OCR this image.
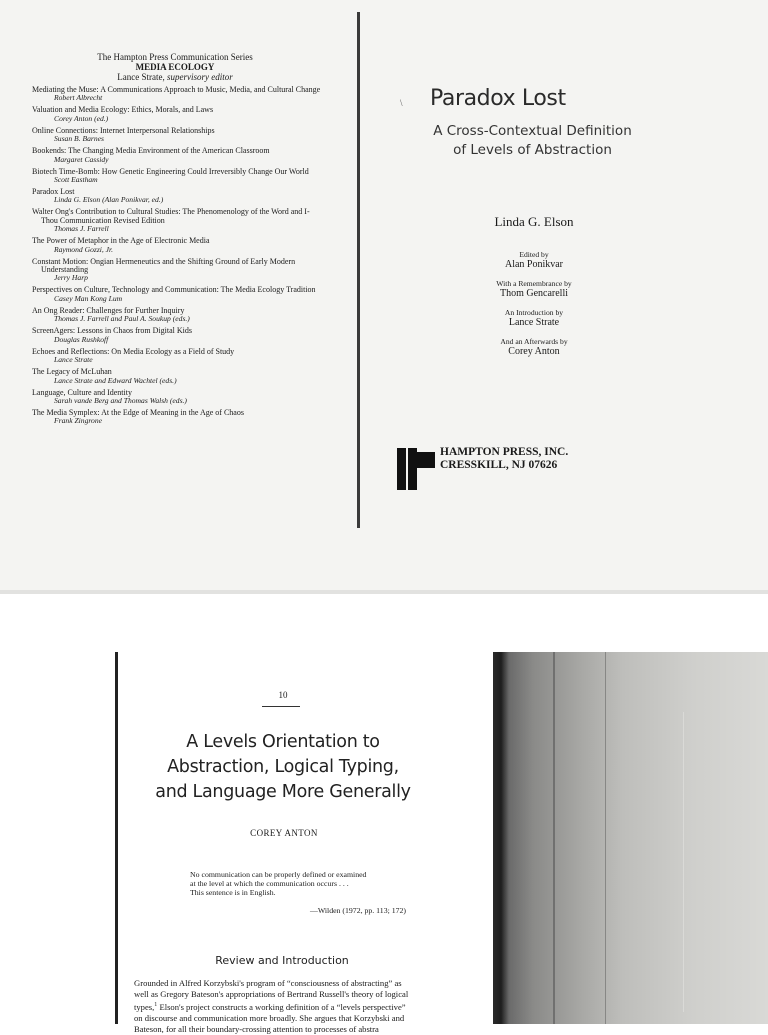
The Hampton Press Communication Series
MEDIA ECOLOGY
Lance Strate, supervisory editor
Mediating the Muse: A Communications Approach to Music, Media, and Cultural Change
Robert Albrecht
Valuation and Media Ecology: Ethics, Morals, and Laws
Corey Anton (ed.)
Online Connections: Internet Interpersonal Relationships
Susan B. Barnes
Bookends: The Changing Media Environment of the American Classroom
Margaret Cassidy
Biotech Time-Bomb: How Genetic Engineering Could Irreversibly Change Our World
Scott Eastham
Paradox Lost
Linda G. Elson (Alan Ponikvar, ed.)
Walter Ong's Contribution to Cultural Studies: The Phenomenology of the Word and I-Thou Communication Revised Edition
Thomas J. Farrell
The Power of Metaphor in the Age of Electronic Media
Raymond Gozzi, Jr.
Constant Motion: Ongian Hermeneutics and the Shifting Ground of Early Modern Understanding
Jerry Harp
Perspectives on Culture, Technology and Communication: The Media Ecology Tradition
Casey Man Kong Lum
An Ong Reader: Challenges for Further Inquiry
Thomas J. Farrell and Paul A. Soukup (eds.)
ScreenAgers: Lessons in Chaos from Digital Kids
Douglas Rushkoff
Echoes and Reflections: On Media Ecology as a Field of Study
Lance Strate
The Legacy of McLuhan
Lance Strate and Edward Wachtel (eds.)
Language, Culture and Identity
Sarah vande Berg and Thomas Walsh (eds.)
The Media Symplex: At the Edge of Meaning in the Age of Chaos
Frank Zingrone
\ Paradox Lost
A Cross-Contextual Definition
of Levels of Abstraction
Linda G. Elson
Edited by
Alan Ponikvar
With a Remembrance by
Thom Gencarelli
An Introduction by
Lance Strate
And an Afterwards by
Corey Anton
HAMPTON PRESS, INC.
CRESSKILL, NJ 07626
10
A Levels Orientation to
Abstraction, Logical Typing,
and Language More Generally
COREY ANTON
No communication can be properly defined or examined
at the level at which the communication occurs . . .
This sentence is in English.
—Wilden (1972, pp. 113; 172)
Review and Introduction
Grounded in Alfred Korzybski's program of “consciousness of abstracting” as
well as Gregory Bateson's appropriations of Bertrand Russell's theory of logical
types,$^1$ Elson's project constructs a working definition of a “levels perspective”
on discourse and communication more broadly. She argues that Korzybski and
Bateson, for all their boundary-crossing attention to processes of abstra
